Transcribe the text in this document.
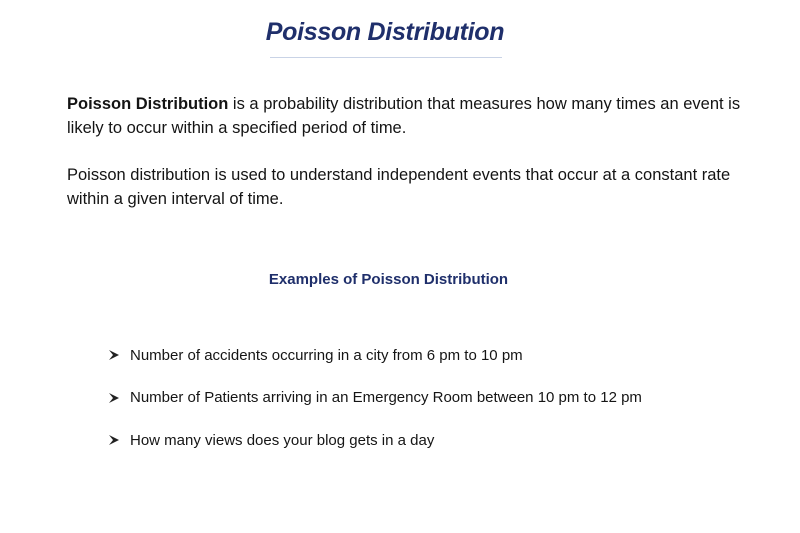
Poisson Distribution
Poisson Distribution is a probability distribution that measures how many times an event is likely to occur within a specified period of time.
Poisson distribution is used to understand independent events that occur at a constant rate within a given interval of time.
Examples of Poisson Distribution
Number of accidents occurring in a city from 6 pm to 10 pm
Number of Patients arriving in an Emergency Room between 10 pm to 12 pm
How many views does your blog gets in a day
